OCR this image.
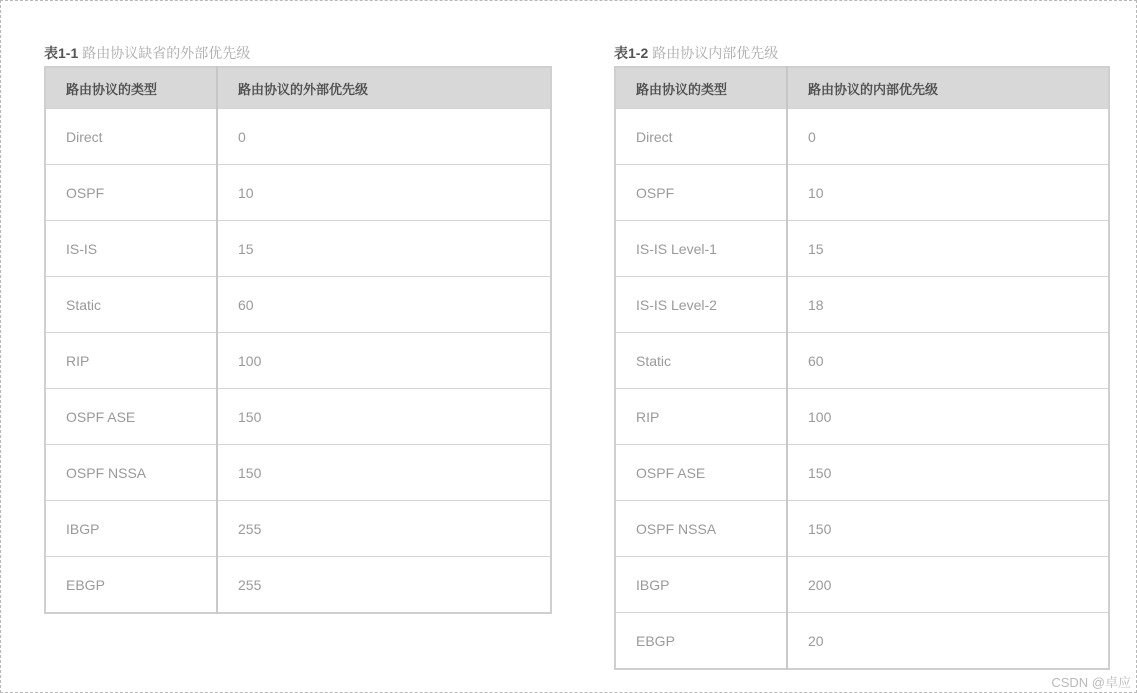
表1-1 路由协议缺省的外部优先级
路由协议的类型	路由协议的外部优先级
Direct	0
OSPF	10
IS-IS	15
Static	60
RIP	100
OSPF ASE	150
OSPF NSSA	150
IBGP	255
EBGP	255
表1-2 路由协议内部优先级
路由协议的类型	路由协议的内部优先级
Direct	0
OSPF	10
IS-IS Level-1	15
IS-IS Level-2	18
Static	60
RIP	100
OSPF ASE	150
OSPF NSSA	150
IBGP	200
EBGP	20
CSDN @卓应
